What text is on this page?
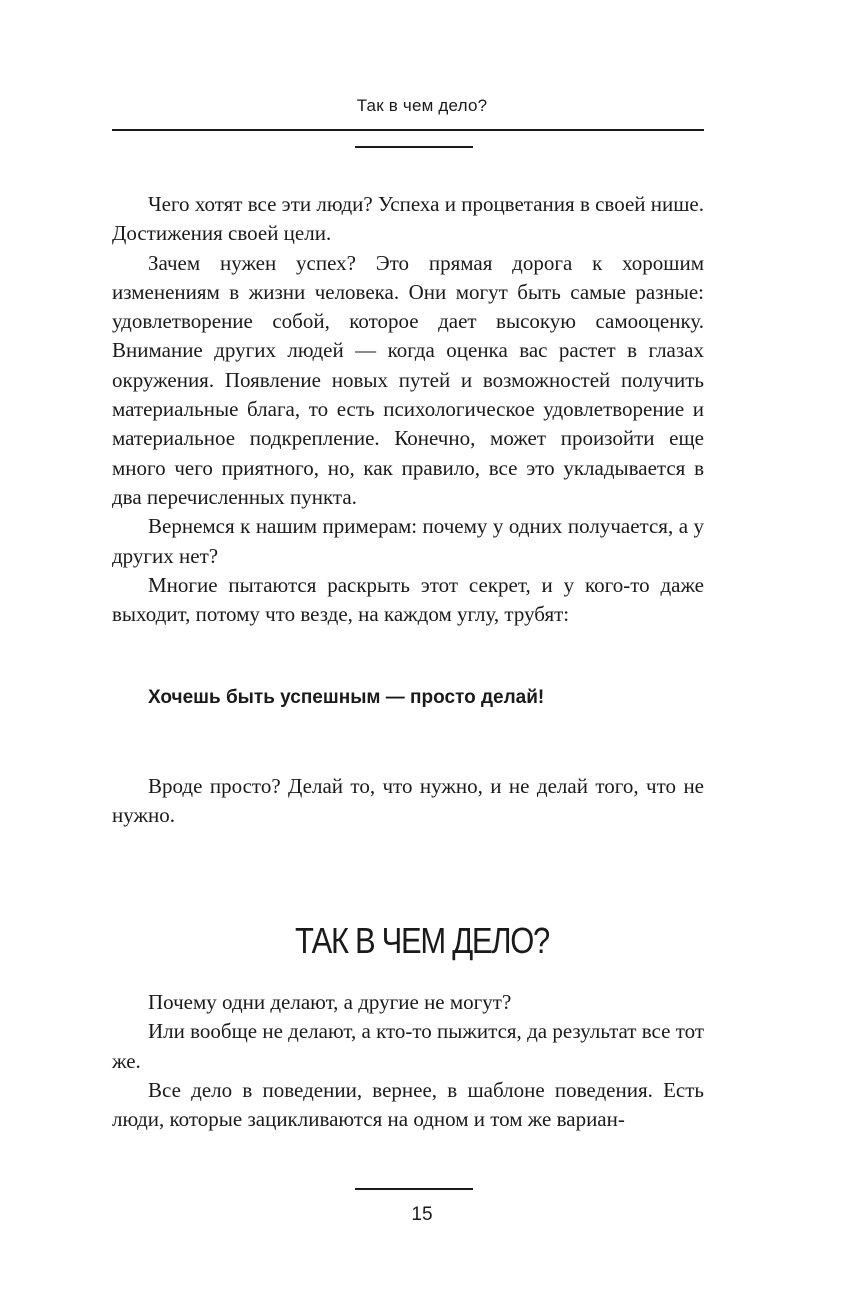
Так в чем дело?

Чего хотят все эти люди? Успеха и процветания в своей нише. Достижения своей цели.

Зачем нужен успех? Это прямая дорога к хорошим изменениям в жизни человека. Они могут быть самые разные: удовлетворение собой, которое дает высокую самооценку. Внимание других людей — когда оценка вас растет в глазах окружения. Появление новых путей и возможностей получить материальные блага, то есть психологическое удовлетворение и материальное подкрепление. Конечно, может произойти еще много чего приятного, но, как правило, все это укладывается в два перечисленных пункта.

Вернемся к нашим примерам: почему у одних получается, а у других нет?

Многие пытаются раскрыть этот секрет, и у кого-то даже выходит, потому что везде, на каждом углу, трубят:

Хочешь быть успешным — просто делай!

Вроде просто? Делай то, что нужно, и не делай того, что не нужно.

ТАК В ЧЕМ ДЕЛО?

Почему одни делают, а другие не могут?

Или вообще не делают, а кто-то пыжится, да результат все тот же.

Все дело в поведении, вернее, в шаблоне поведения. Есть люди, которые зацикливаются на одном и том же вариан-

15
